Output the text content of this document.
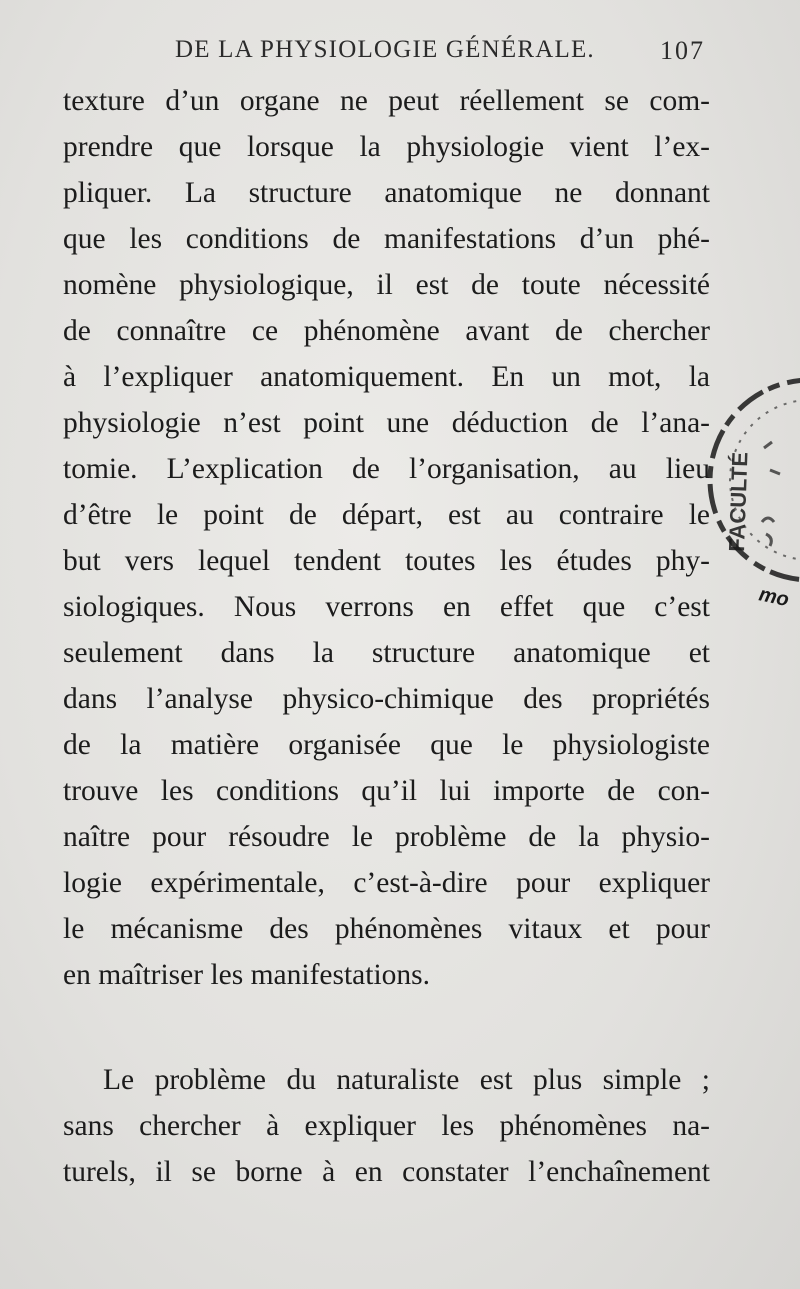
DE LA PHYSIOLOGIE GÉNÉRALE.	107
texture d’un organe ne peut réellement se com-
prendre que lorsque la physiologie vient l’ex-
pliquer. La structure anatomique ne donnant
que les conditions de manifestations d’un phé-
nomène physiologique, il est de toute nécessité
de connaître ce phénomène avant de chercher
à l’expliquer anatomiquement. En un mot, la
physiologie n’est point une déduction de l’ana-
tomie. L’explication de l’organisation, au lieu
d’être le point de départ, est au contraire le
but vers lequel tendent toutes les études phy-
siologiques. Nous verrons en effet que c’est
seulement dans la structure anatomique et
dans l’analyse physico-chimique des propriétés
de la matière organisée que le physiologiste
trouve les conditions qu’il lui importe de con-
naître pour résoudre le problème de la physio-
logie expérimentale, c’est-à-dire pour expliquer
le mécanisme des phénomènes vitaux et pour
en maîtriser les manifestations.
Le problème du naturaliste est plus simple ;
sans chercher à expliquer les phénomènes na-
turels, il se borne à en constater l’enchaînement
FACULTÉ
mo
